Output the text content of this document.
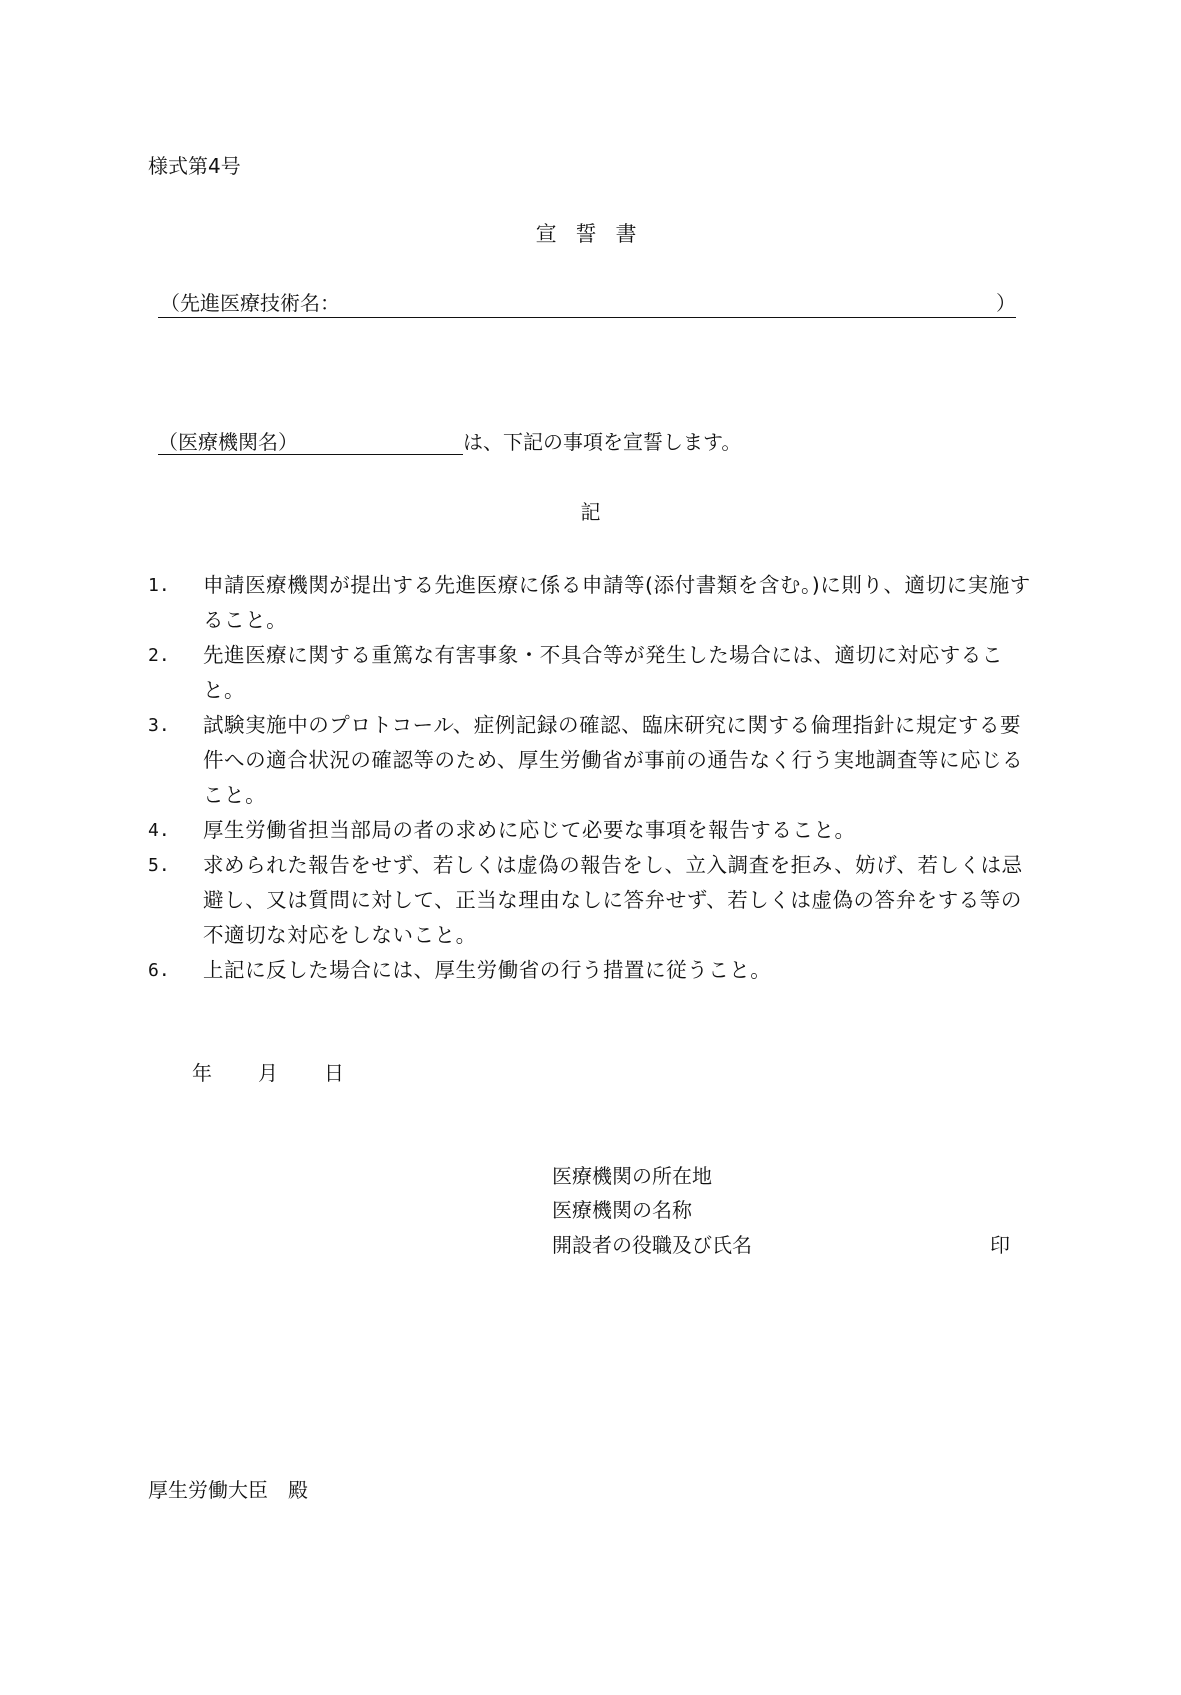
様式第4号
宣誓書
（先進医療技術名：	）
（医療機関名）	は、下記の事項を宣誓します。
記
1.	申請医療機関が提出する先進医療に係る申請等(添付書類を含む。)に則り、適切に実施すること。
2.	先進医療に関する重篤な有害事象・不具合等が発生した場合には、適切に対応すること。
3.	試験実施中のプロトコール、症例記録の確認、臨床研究に関する倫理指針に規定する要件への適合状況の確認等のため、厚生労働省が事前の通告なく行う実地調査等に応じること。
4.	厚生労働省担当部局の者の求めに応じて必要な事項を報告すること。
5.	求められた報告をせず、若しくは虚偽の報告をし、立入調査を拒み、妨げ、若しくは忌避し、又は質問に対して、正当な理由なしに答弁せず、若しくは虚偽の答弁をする等の不適切な対応をしないこと。
6.	上記に反した場合には、厚生労働省の行う措置に従うこと。
年 月 日
医療機関の所在地
医療機関の名称
開設者の役職及び氏名	印
厚生労働大臣　殿
